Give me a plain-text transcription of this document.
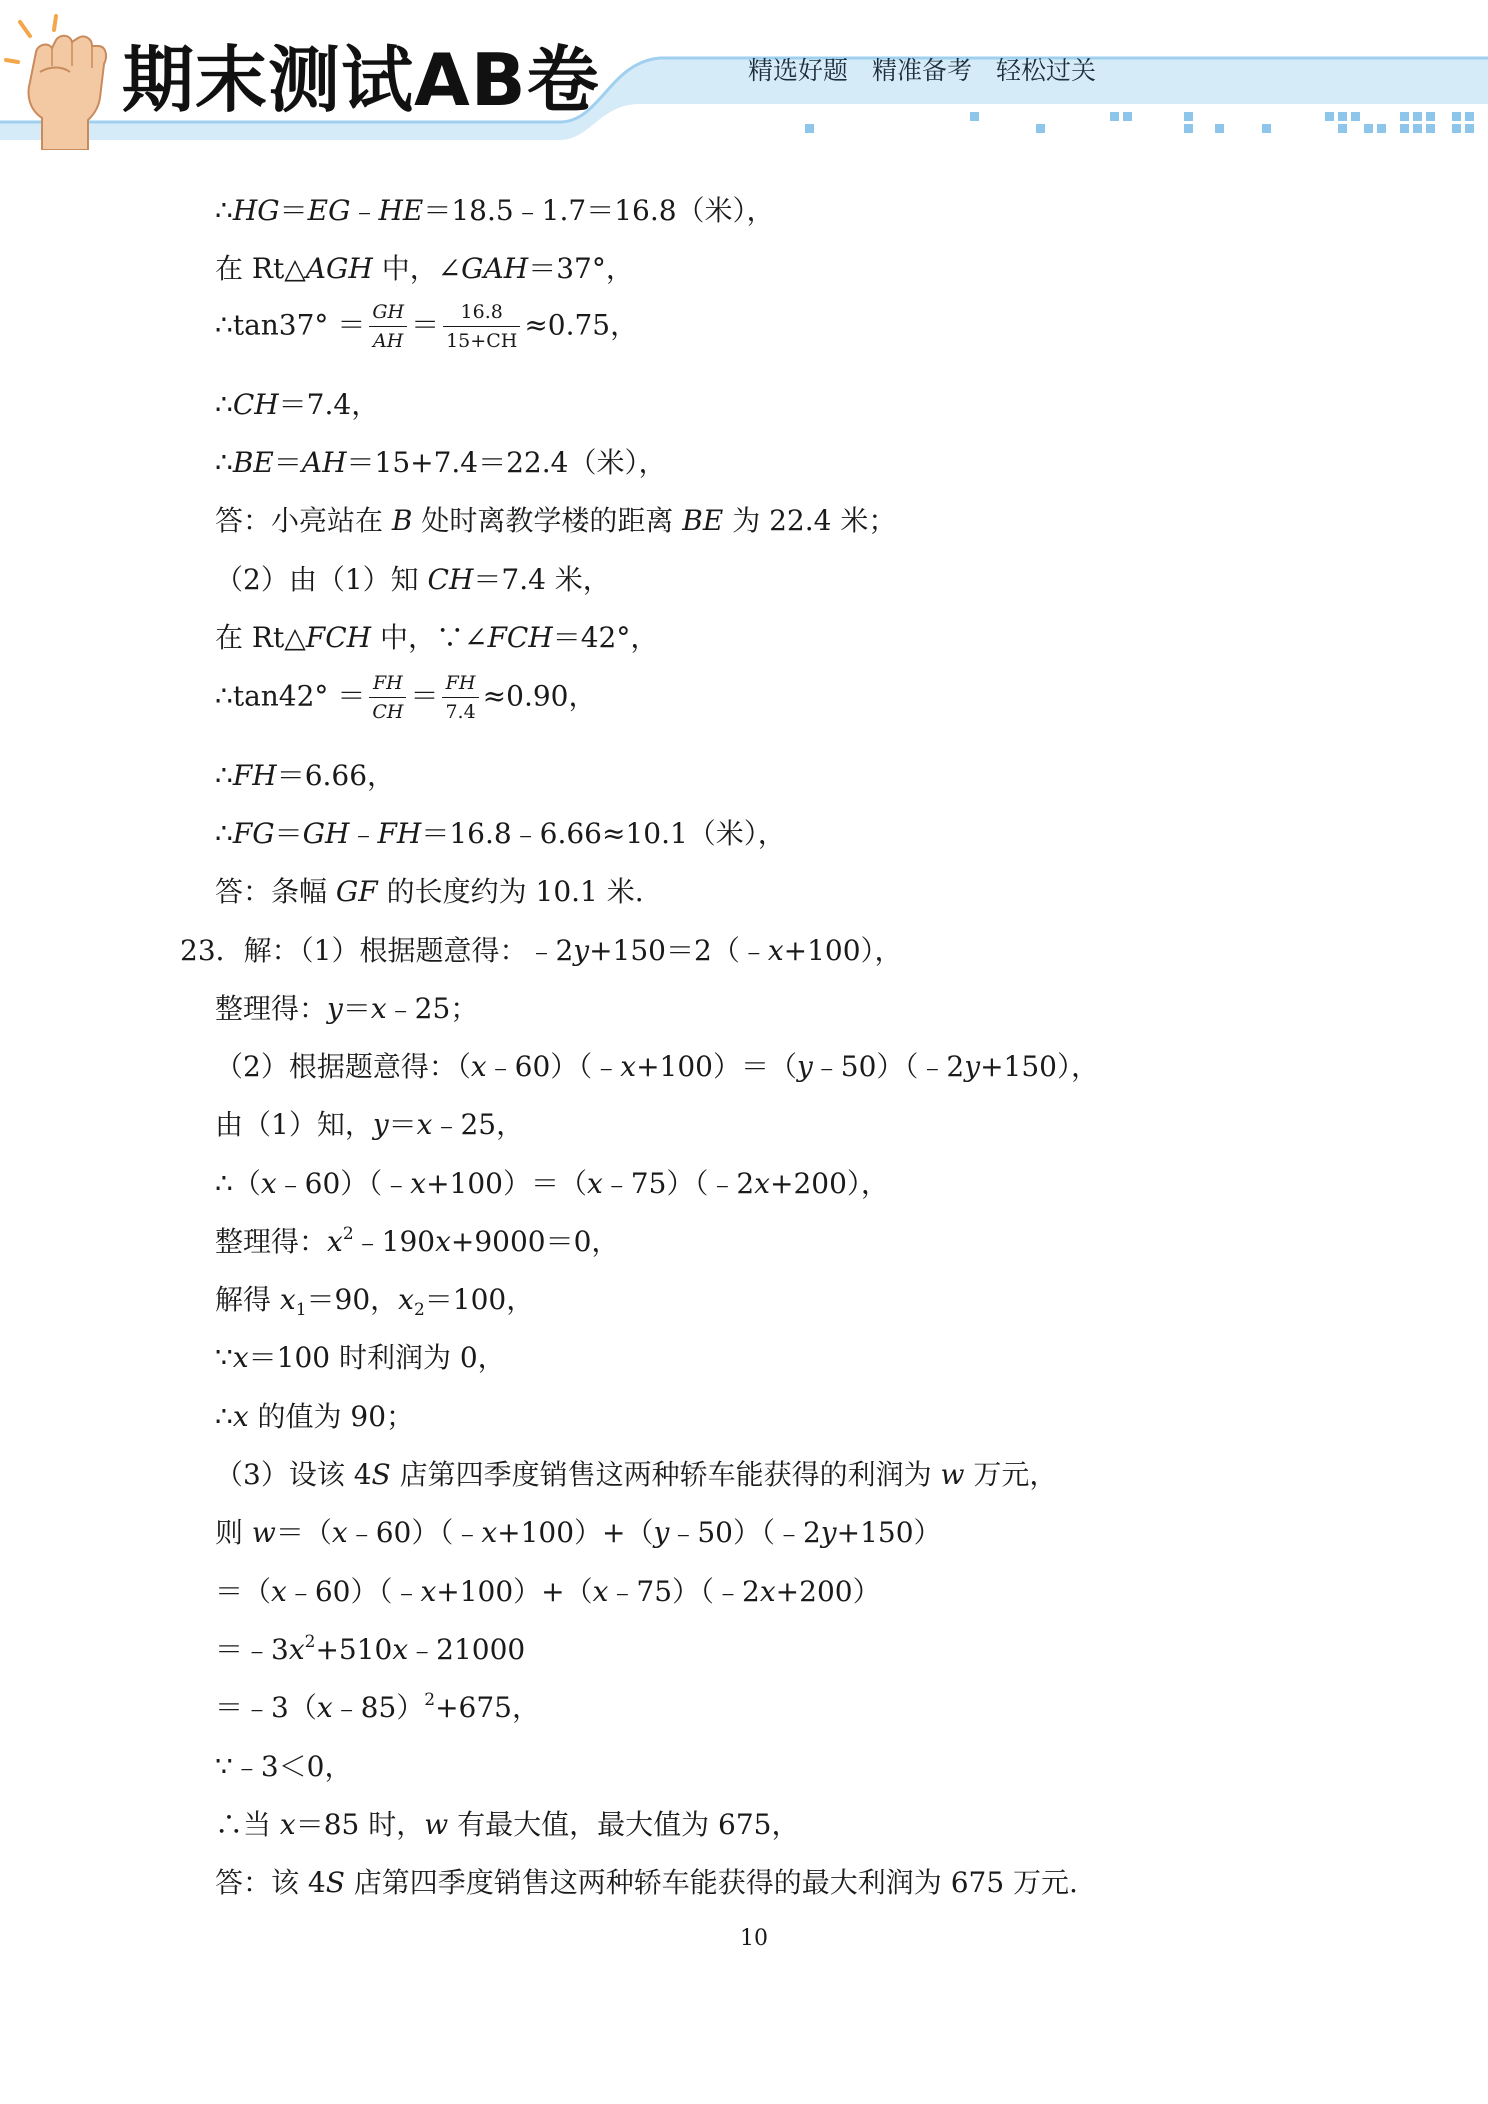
期末测试AB卷	精选好题 精准备考 轻松过关
∴HG＝EG﹣HE＝18.5﹣1.7＝16.8（米），
在 Rt△AGH 中，∠GAH＝37°，
∴tan37° ＝ $\frac{GH}{AH} = \frac{16.8}{15+CH} \approx 0.75$，
∴CH＝7.4，
∴BE＝AH＝15+7.4＝22.4（米），
答：小亮站在 B 处时离教学楼的距离 BE 为 22.4 米；
（2）由（1）知 CH＝7.4 米，
在 Rt△FCH 中，∵∠FCH＝42°，
∴tan42° ＝ $\frac{FH}{CH} = \frac{FH}{7.4} \approx 0.90$，
∴FH＝6.66，
∴FG＝GH﹣FH＝16.8﹣6.66≈10.1（米），
答：条幅 GF 的长度约为 10.1 米.
23．解：（1）根据题意得：﹣2y+150＝2（﹣x+100），
整理得：y＝x﹣25；
（2）根据题意得：（x﹣60）（﹣x+100）＝（y﹣50）（﹣2y+150），
由（1）知，y＝x﹣25，
∴（x﹣60）（﹣x+100）＝（x﹣75）（﹣2x+200），
整理得：$x^2﹣190x+9000=0$，
解得 $x_1=90$，$x_2=100$，
∵x＝100 时利润为 0，
∴x 的值为 90；
（3）设该 4S 店第四季度销售这两种轿车能获得的利润为 w 万元，
则 w＝（x﹣60）（﹣x+100）+（y﹣50）（﹣2y+150）
＝（x﹣60）（﹣x+100）+（x﹣75）（﹣2x+200）
$=﹣3x^2+510x﹣21000$
＝﹣3（x﹣85）$^2$+675，
∵﹣3＜0，
∴当 x＝85 时，w 有最大值，最大值为 675，
答：该 4S 店第四季度销售这两种轿车能获得的最大利润为 675 万元.
10
